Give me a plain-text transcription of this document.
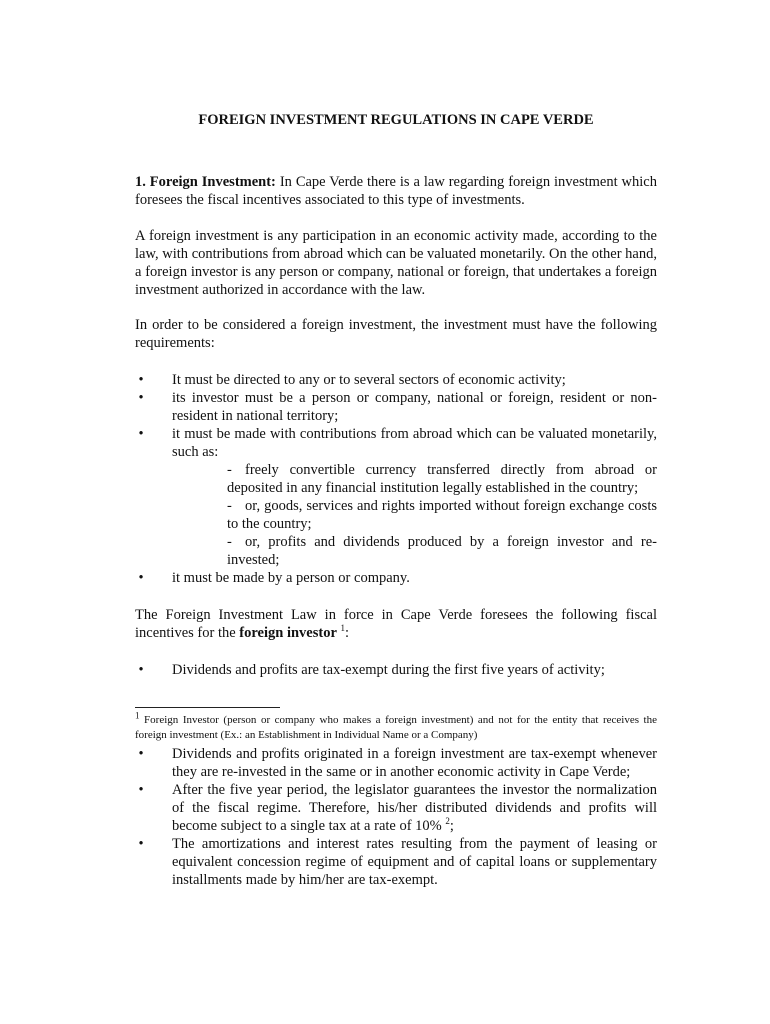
FOREIGN INVESTMENT REGULATIONS IN CAPE VERDE

1. Foreign Investment: In Cape Verde there is a law regarding foreign investment which foresees the fiscal incentives associated to this type of investments.

A foreign investment is any participation in an economic activity made, according to the law, with contributions from abroad which can be valuated monetarily. On the other hand, a foreign investor is any person or company, national or foreign, that undertakes a foreign investment authorized in accordance with the law.

In order to be considered a foreign investment, the investment must have the following requirements:

• It must be directed to any or to several sectors of economic activity;
• its investor must be a person or company, national or foreign, resident or non-resident in national territory;
• it must be made with contributions from abroad which can be valuated monetarily, such as:
- freely convertible currency transferred directly from abroad or deposited in any financial institution legally established in the country;
- or, goods, services and rights imported without foreign exchange costs to the country;
- or, profits and dividends produced by a foreign investor and re-invested;
• it must be made by a person or company.

The Foreign Investment Law in force in Cape Verde foresees the following fiscal incentives for the foreign investor $^1$:

• Dividends and profits are tax-exempt during the first five years of activity;

$^1$ Foreign Investor (person or company who makes a foreign investment) and not for the entity that receives the foreign investment (Ex.: an Establishment in Individual Name or a Company)

• Dividends and profits originated in a foreign investment are tax-exempt whenever they are re-invested in the same or in another economic activity in Cape Verde;
• After the five year period, the legislator guarantees the investor the normalization of the fiscal regime. Therefore, his/her distributed dividends and profits will become subject to a single tax at a rate of 10% $^2$;
• The amortizations and interest rates resulting from the payment of leasing or equivalent concession regime of equipment and of capital loans or supplementary installments made by him/her are tax-exempt.
